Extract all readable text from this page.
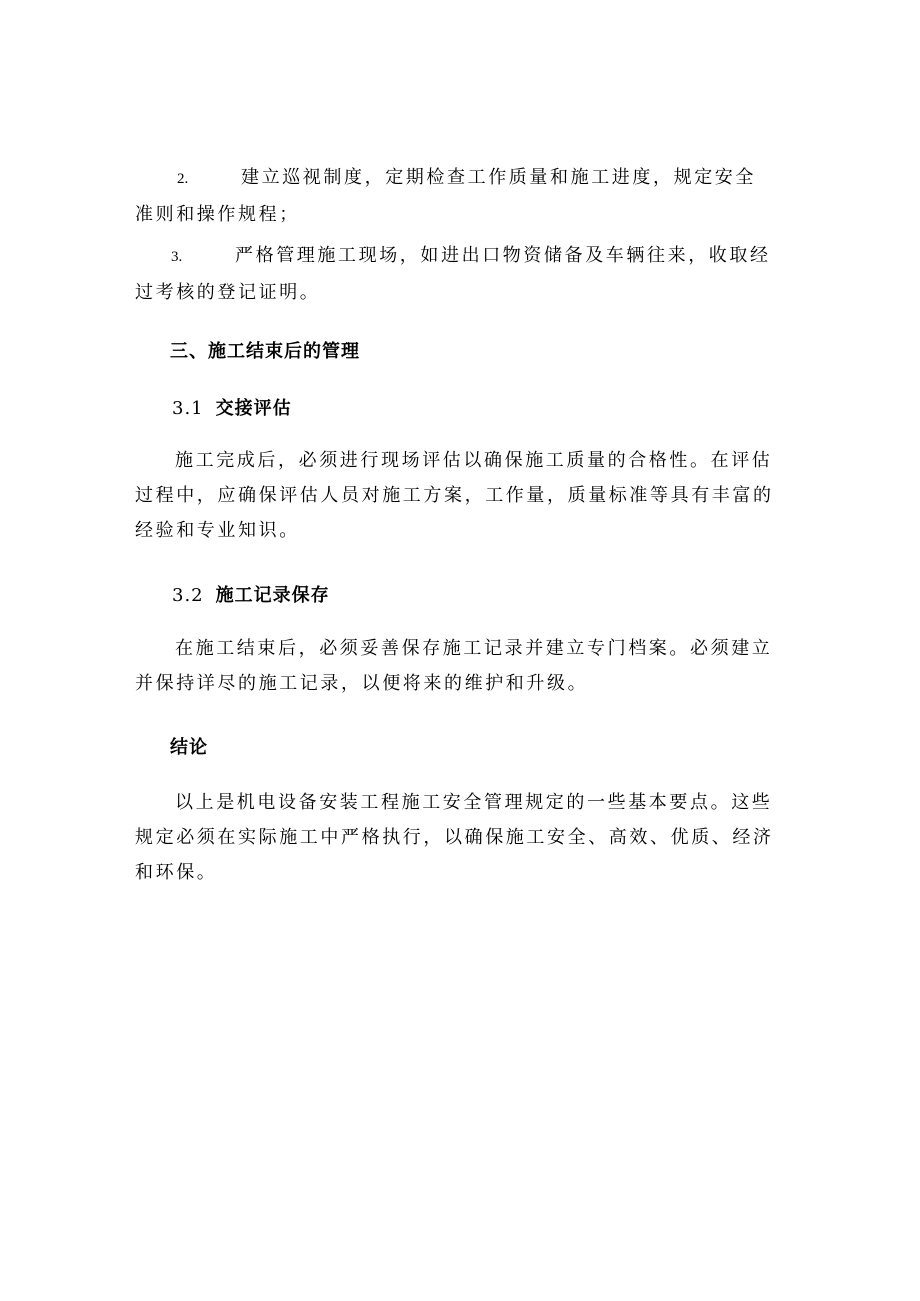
2.	建立巡视制度，定期检查工作质量和施工进度，规定安全准则和操作规程；
3.	严格管理施工现场，如进出口物资储备及车辆往来，收取经过考核的登记证明。
三、施工结束后的管理
3.1 交接评估
施工完成后，必须进行现场评估以确保施工质量的合格性。在评估过程中，应确保评估人员对施工方案，工作量，质量标准等具有丰富的经验和专业知识。
3.2 施工记录保存
在施工结束后，必须妥善保存施工记录并建立专门档案。必须建立并保持详尽的施工记录，以便将来的维护和升级。
结论
以上是机电设备安装工程施工安全管理规定的一些基本要点。这些规定必须在实际施工中严格执行，以确保施工安全、高效、优质、经济和环保。
